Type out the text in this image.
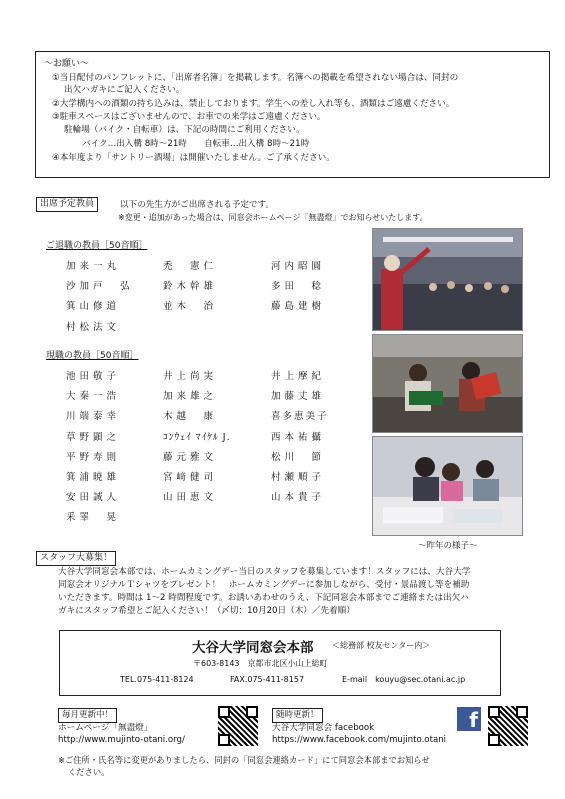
～お願い～
①当日配付のパンフレットに、「出席者名簿」を掲載します。名簿への掲載を希望されない場合は、同封の
出欠ハガキにご記入ください。
②大学構内への酒類の持ち込みは、禁止しております。学生への差し入れ等も、酒類はご遠慮ください。
③駐車スペースはございませんので、お車での来学はご遠慮ください。
駐輪場（バイク・自転車）は、下記の時間にご利用ください。
バイク…出入構 8時～21時　　自転車…出入構 8時～21時
④本年度より「サントリー酒場」は開催いたしません。ご了承ください。
出席予定教員	以下の先生方がご出席される予定です。
※変更・追加があった場合は、同窓会ホームページ「無盡燈」でお知らせいたします。
ご退職の教員［50音順］
加来一丸	禿　憲仁	河内昭圓
沙加戸　弘	鈴木幹雄	多田　稔
箕山修道	並木　治	藤島建樹
村松法文
現職の教員［50音順］
池田敬子	井上尚実	井上摩紀
大秦一浩	加来雄之	加藤丈雄
川端泰幸	木越　康	喜多恵美子
草野顕之	ｺﾝｳｪｲ ﾏｲｹﾙ J.	西本祐攝
平野寿則	藤元雅文	松川　節
箕浦暁雄	宮﨑健司	村瀬順子
安田誠人	山田恵文	山本貴子
釆睪　晃
～昨年の様子～
スタッフ大募集！
大谷大学同窓会本部では、ホームカミングデー当日のスタッフを募集しています！スタッフには、大谷大学
同窓会オリジナルＴシャツをプレゼント！　ホームカミングデーに参加しながら、受付・景品渡し等を補助
いただきます。時間は 1～2 時間程度です。お誘いあわせのうえ、下記同窓会本部までご連絡または出欠ハ
ガキにスタッフ希望とご記入ください！（〆切：10月20日（木）／先着順）
大谷大学同窓会本部 ＜総務部 校友センター内＞
〒603-8143　京都市北区小山上総町
TEL.075-411-8124	FAX.075-411-8157	E-mail　kouyu@sec.otani.ac.jp
毎月更新中！
ホームページ「無盡燈」
http://www.mujinto-otani.org/
随時更新！
大谷大学同窓会 facebook
https://www.facebook.com/mujinto.otani
f
※ご住所・氏名等に変更がありましたら、同封の「同窓会連絡カード」にて同窓会本部までお知らせ
ください。
